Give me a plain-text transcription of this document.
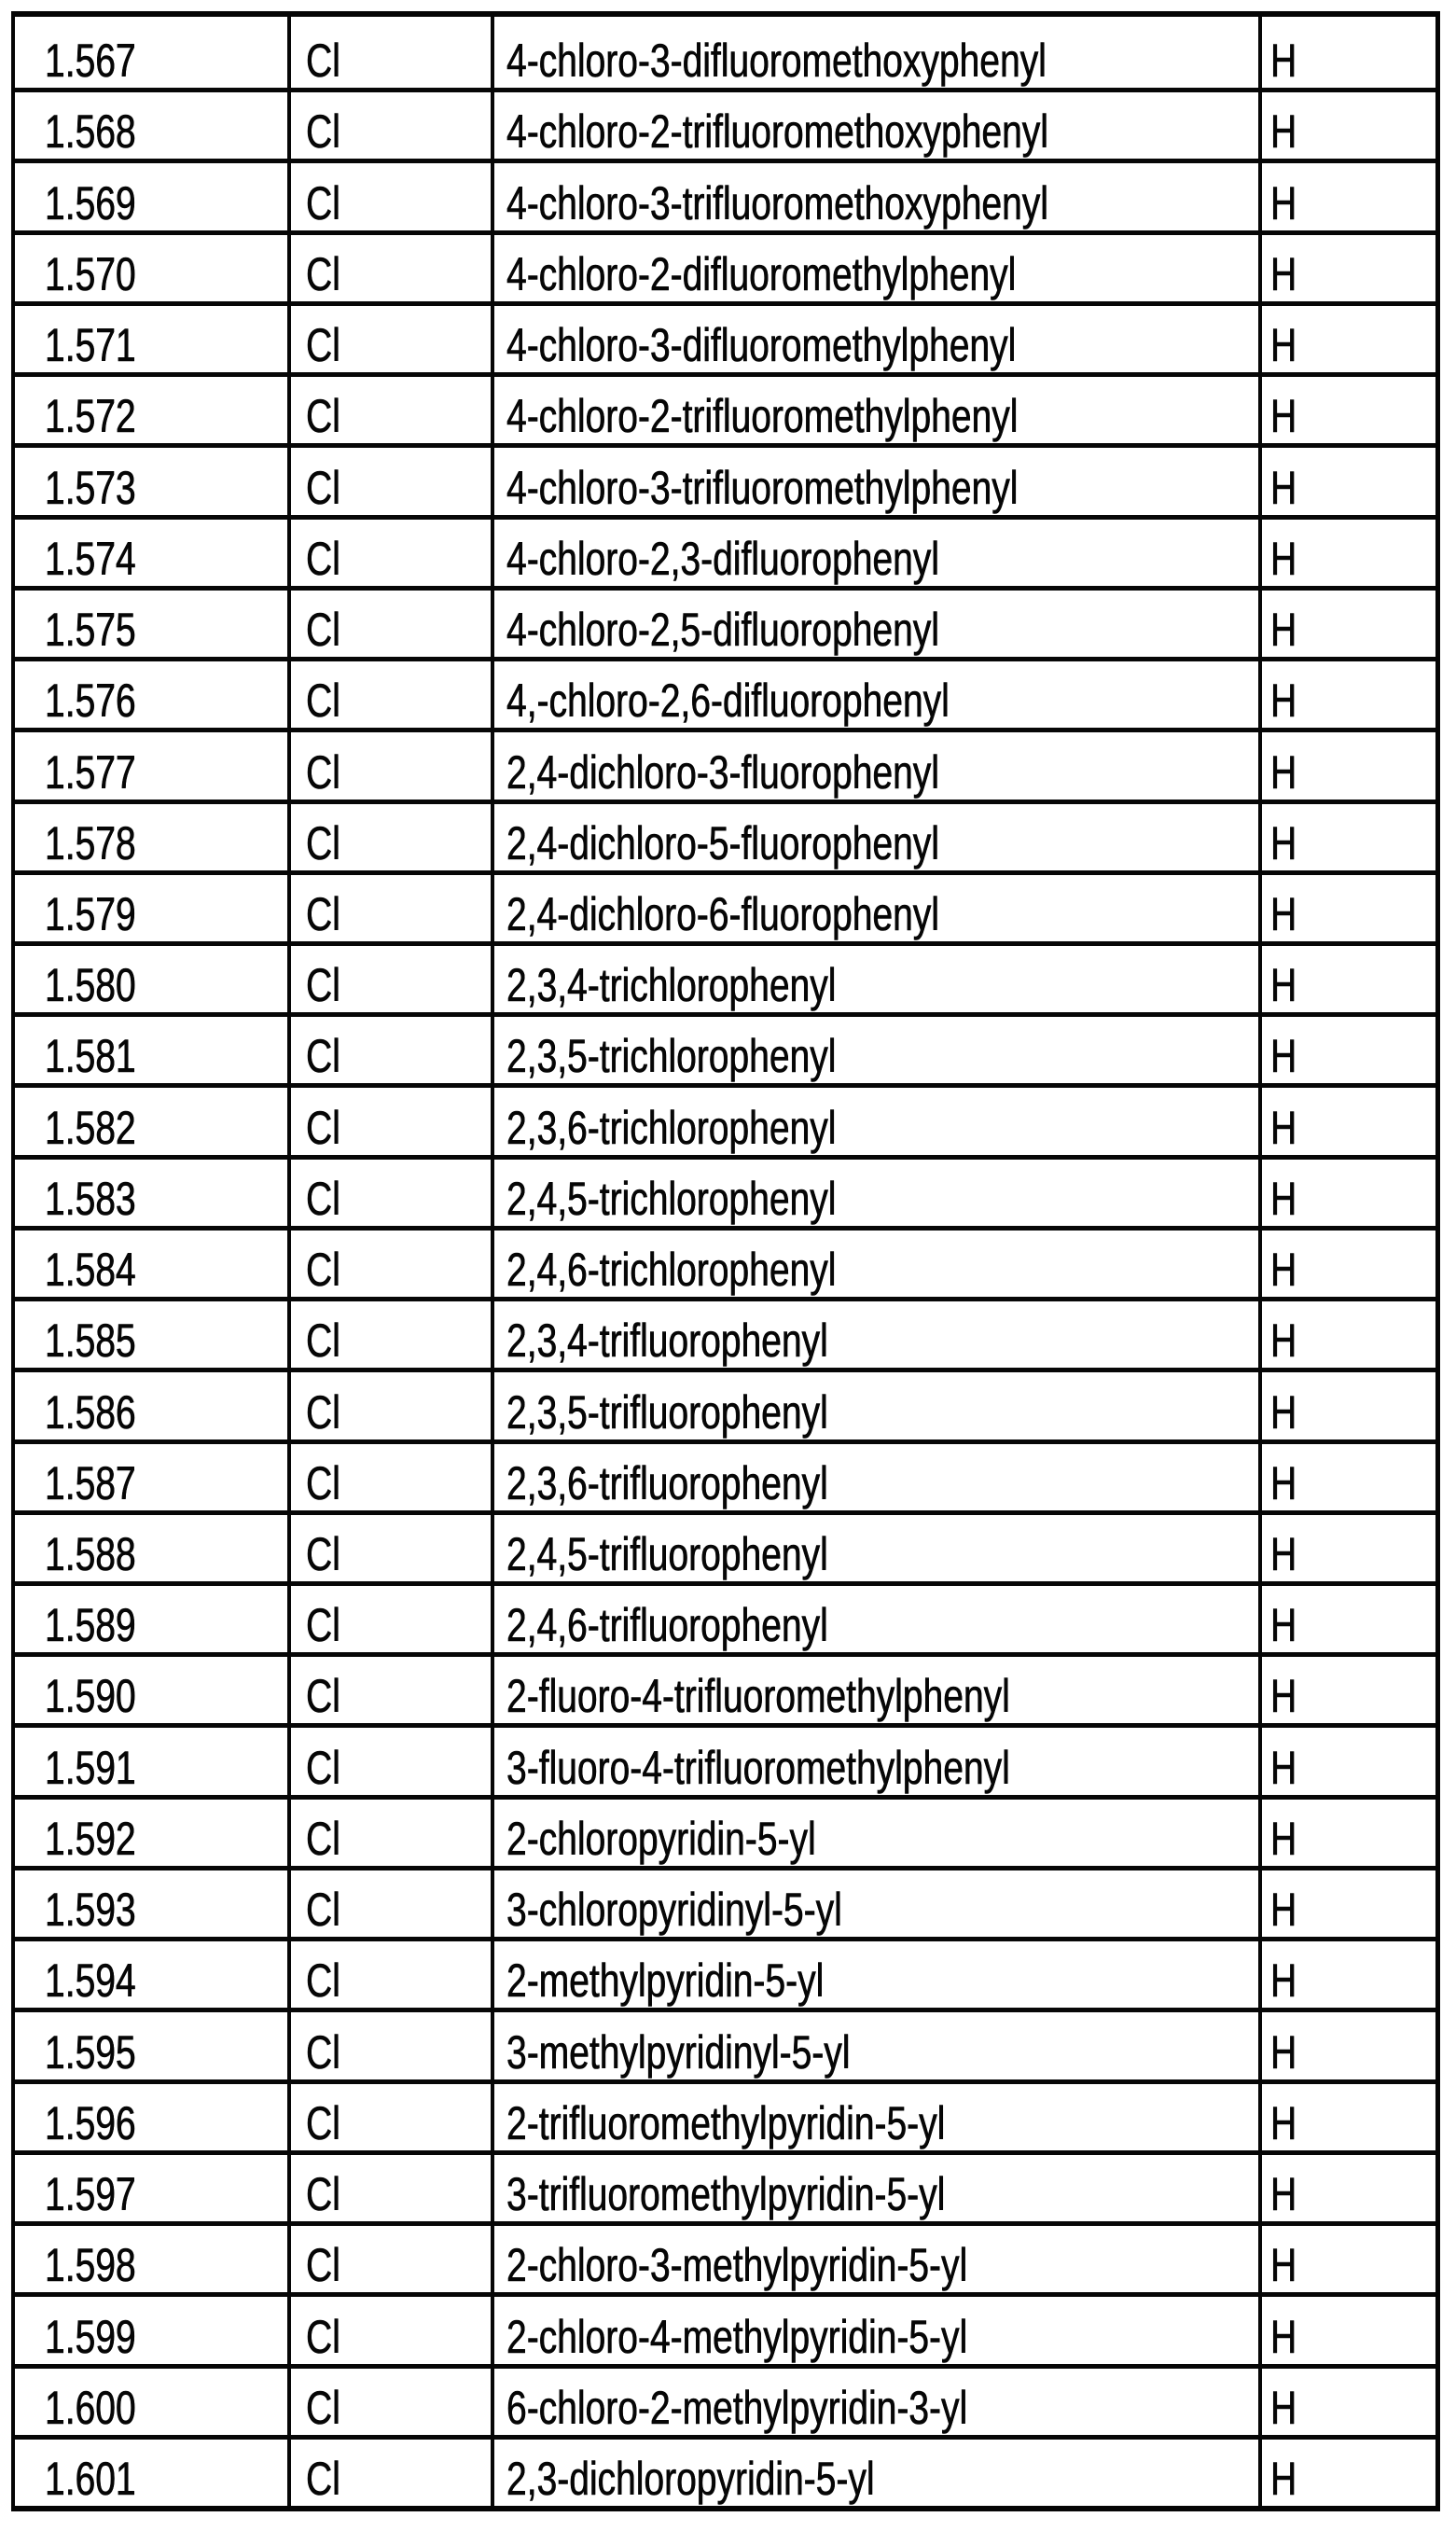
1.567	Cl	4-chloro-3-difluoromethoxyphenyl	H
1.568	Cl	4-chloro-2-trifluoromethoxyphenyl	H
1.569	Cl	4-chloro-3-trifluoromethoxyphenyl	H
1.570	Cl	4-chloro-2-difluoromethylphenyl	H
1.571	Cl	4-chloro-3-difluoromethylphenyl	H
1.572	Cl	4-chloro-2-trifluoromethylphenyl	H
1.573	Cl	4-chloro-3-trifluoromethylphenyl	H
1.574	Cl	4-chloro-2,3-difluorophenyl	H
1.575	Cl	4-chloro-2,5-difluorophenyl	H
1.576	Cl	4,-chloro-2,6-difluorophenyl	H
1.577	Cl	2,4-dichloro-3-fluorophenyl	H
1.578	Cl	2,4-dichloro-5-fluorophenyl	H
1.579	Cl	2,4-dichloro-6-fluorophenyl	H
1.580	Cl	2,3,4-trichlorophenyl	H
1.581	Cl	2,3,5-trichlorophenyl	H
1.582	Cl	2,3,6-trichlorophenyl	H
1.583	Cl	2,4,5-trichlorophenyl	H
1.584	Cl	2,4,6-trichlorophenyl	H
1.585	Cl	2,3,4-trifluorophenyl	H
1.586	Cl	2,3,5-trifluorophenyl	H
1.587	Cl	2,3,6-trifluorophenyl	H
1.588	Cl	2,4,5-trifluorophenyl	H
1.589	Cl	2,4,6-trifluorophenyl	H
1.590	Cl	2-fluoro-4-trifluoromethylphenyl	H
1.591	Cl	3-fluoro-4-trifluoromethylphenyl	H
1.592	Cl	2-chloropyridin-5-yl	H
1.593	Cl	3-chloropyridinyl-5-yl	H
1.594	Cl	2-methylpyridin-5-yl	H
1.595	Cl	3-methylpyridinyl-5-yl	H
1.596	Cl	2-trifluoromethylpyridin-5-yl	H
1.597	Cl	3-trifluoromethylpyridin-5-yl	H
1.598	Cl	2-chloro-3-methylpyridin-5-yl	H
1.599	Cl	2-chloro-4-methylpyridin-5-yl	H
1.600	Cl	6-chloro-2-methylpyridin-3-yl	H
1.601	Cl	2,3-dichloropyridin-5-yl	H
